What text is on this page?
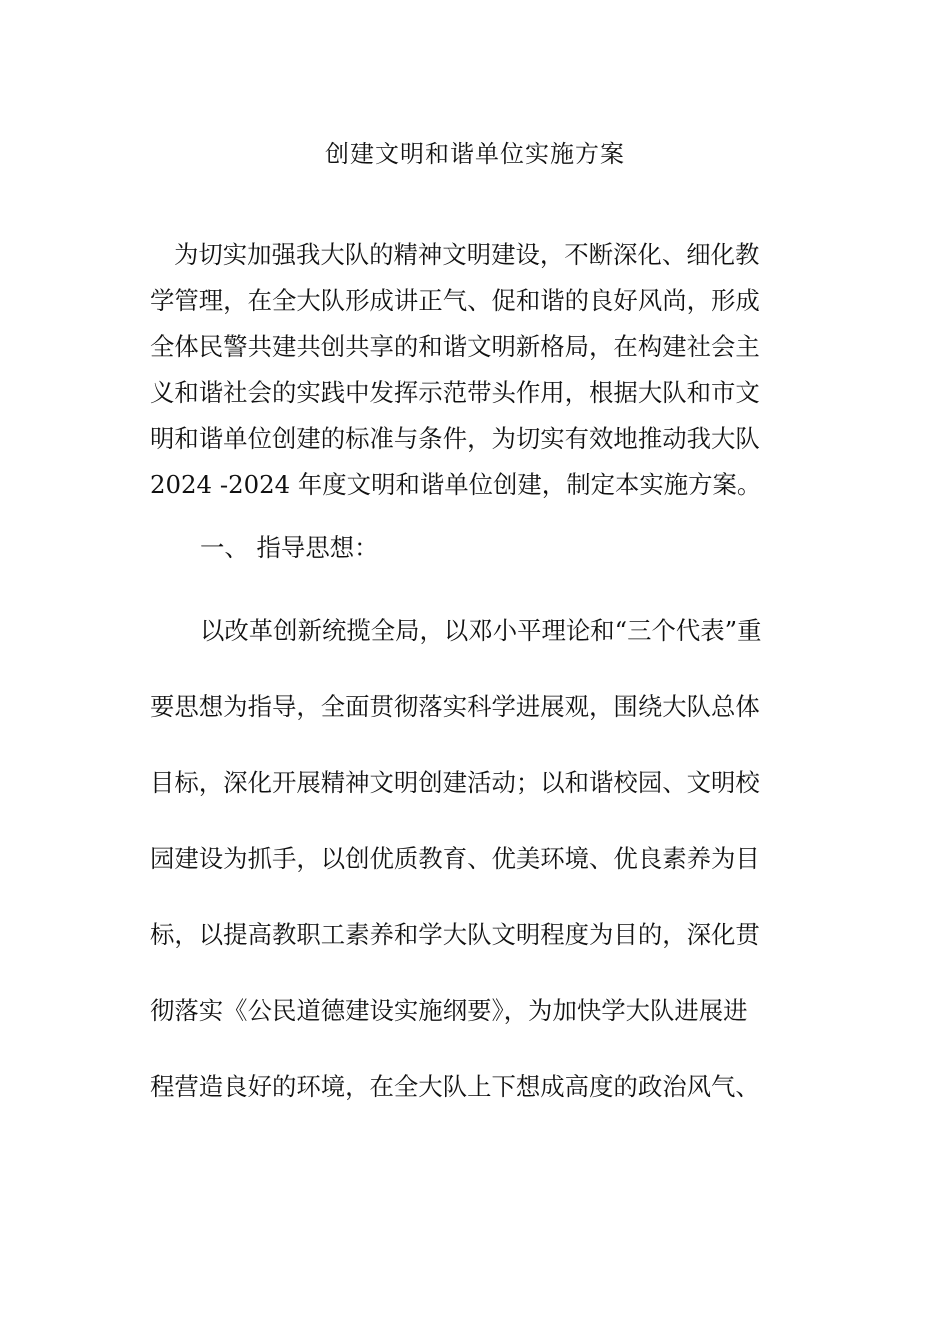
创建文明和谐单位实施方案
为切实加强我大队的精神文明建设，不断深化、细化教
学管理，在全大队形成讲正气、促和谐的良好风尚，形成
全体民警共建共创共享的和谐文明新格局，在构建社会主
义和谐社会的实践中发挥示范带头作用，根据大队和市文
明和谐单位创建的标准与条件，为切实有效地推动我大队
2024 -2024 年度文明和谐单位创建，制定本实施方案。
一、 指导思想：
以改革创新统揽全局，以邓小平理论和“三个代表”重
要思想为指导，全面贯彻落实科学进展观，围绕大队总体
目标，深化开展精神文明创建活动；以和谐校园、文明校
园建设为抓手，以创优质教育、优美环境、优良素养为目
标，以提高教职工素养和学大队文明程度为目的，深化贯
彻落实《公民道德建设实施纲要》，为加快学大队进展进
程营造良好的环境，在全大队上下想成高度的政治风气、
